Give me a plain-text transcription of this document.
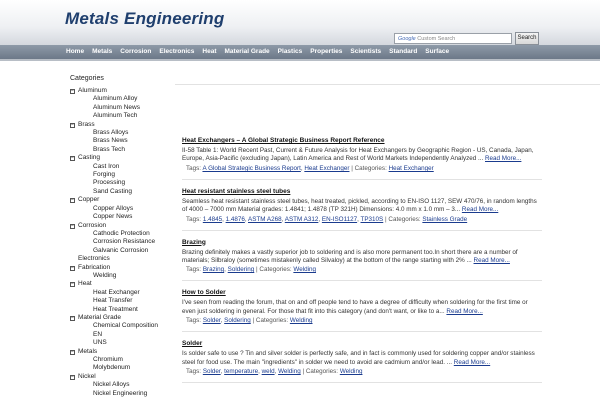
Metals Engineering
Google Custom Search	Search
Home	Metals	Corrosion	Electronics	Heat	Material Grade	Plastics	Properties	Scientists	Standard	Surface
Categories
− Aluminum
Aluminum Alloy
Aluminum News
Aluminum Tech
− Brass
Brass Alloys
Brass News
Brass Tech
− Casting
Cast Iron
Forging
Processing
Sand Casting
− Copper
Copper Alloys
Copper News
− Corrosion
Cathodic Protection
Corrosion Resistance
Galvanic Corrosion
Electronics
− Fabrication
Welding
− Heat
Heat Exchanger
Heat Transfer
Heat Treatment
− Material Grade
Chemical Composition
EN
UNS
− Metals
Chromium
Molybdenum
− Nickel
Nickel Alloys
Nickel Engineering
Heat Exchangers – A Global Strategic Business Report Reference
II-58 Table 1: World Recent Past, Current & Future Analysis for Heat Exchangers by Geographic Region - US, Canada, Japan, Europe, Asia-Pacific (excluding Japan), Latin America and Rest of World Markets Independently Analyzed ... Read More...
Tags: A Global Strategic Business Report, Heat Exchanger | Categories: Heat Exchanger
Heat resistant stainless steel tubes
Seamless heat resistant stainless steel tubes, heat treated, pickled, according to EN-ISO 1127, SEW 470/76, in random lengths of 4000 – 7000 mm Material grades: 1.4841; 1.4878 (TP 321H) Dimensions: 4.0 mm x 1.0 mm – 3... Read More...
Tags: 1.4845, 1.4876, ASTM A268, ASTM A312, EN-ISO1127, TP310S | Categories: Stainless Grade
Brazing
Brazing definitely makes a vastly superior job to soldering and is also more permanent too.In short there are a number of materials; Silbraloy (sometimes mistakenly called Silvaloy) at the bottom of the range starting with 2% ... Read More...
Tags: Brazing, Soldering | Categories: Welding
How to Solder
I've seen from reading the forum, that on and off people tend to have a degree of difficulty when soldering for the first time or even just soldering in general. For those that fit into this category (and don't want, or like to a... Read More...
Tags: Solder, Soldering | Categories: Welding
Solder
Is solder safe to use ? Tin and silver solder is perfectly safe, and in fact is commonly used for soldering copper and/or stainless steel for food use. The main "ingredients" in solder we need to avoid are cadmium and/or lead. ... Read More...
Tags: Solder, temperature, weld, Welding | Categories: Welding
